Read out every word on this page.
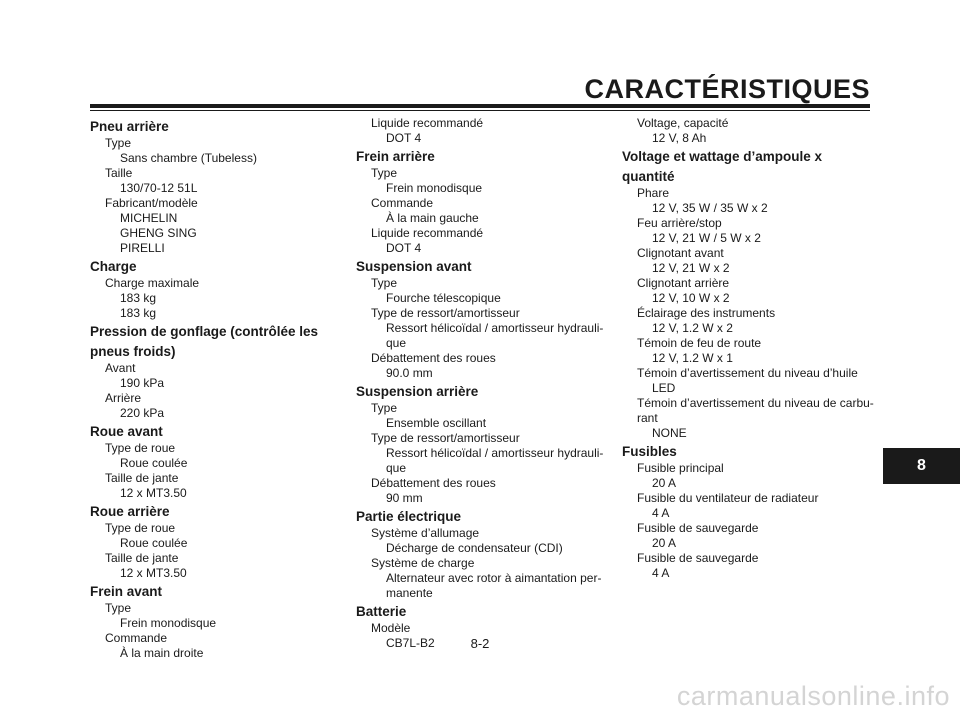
CARACTÉRISTIQUES
Pneu arrière
Type
Sans chambre (Tubeless)
Taille
130/70-12 51L
Fabricant/modèle
MICHELIN
GHENG SING
PIRELLI
Charge
Charge maximale
183 kg
183 kg
Pression de gonflage (contrôlée les
pneus froids)
Avant
190 kPa
Arrière
220 kPa
Roue avant
Type de roue
Roue coulée
Taille de jante
12 x MT3.50
Roue arrière
Type de roue
Roue coulée
Taille de jante
12 x MT3.50
Frein avant
Type
Frein monodisque
Commande
À la main droite
Liquide recommandé
DOT 4
Frein arrière
Type
Frein monodisque
Commande
À la main gauche
Liquide recommandé
DOT 4
Suspension avant
Type
Fourche télescopique
Type de ressort/amortisseur
Ressort hélicoïdal / amortisseur hydrauli-
que
Débattement des roues
90.0 mm
Suspension arrière
Type
Ensemble oscillant
Type de ressort/amortisseur
Ressort hélicoïdal / amortisseur hydrauli-
que
Débattement des roues
90 mm
Partie électrique
Système d’allumage
Décharge de condensateur (CDI)
Système de charge
Alternateur avec rotor à aimantation per-
manente
Batterie
Modèle
CB7L-B2
Voltage, capacité
12 V, 8 Ah
Voltage et wattage d’ampoule x
quantité
Phare
12 V, 35 W / 35 W x 2
Feu arrière/stop
12 V, 21 W / 5 W x 2
Clignotant avant
12 V, 21 W x 2
Clignotant arrière
12 V, 10 W x 2
Éclairage des instruments
12 V, 1.2 W x 2
Témoin de feu de route
12 V, 1.2 W x 1
Témoin d’avertissement du niveau d’huile
LED
Témoin d’avertissement du niveau de carbu-
rant
NONE
Fusibles
Fusible principal
20 A
Fusible du ventilateur de radiateur
4 A
Fusible de sauvegarde
20 A
Fusible de sauvegarde
4 A
8
8-2
carmanualsonline.info
